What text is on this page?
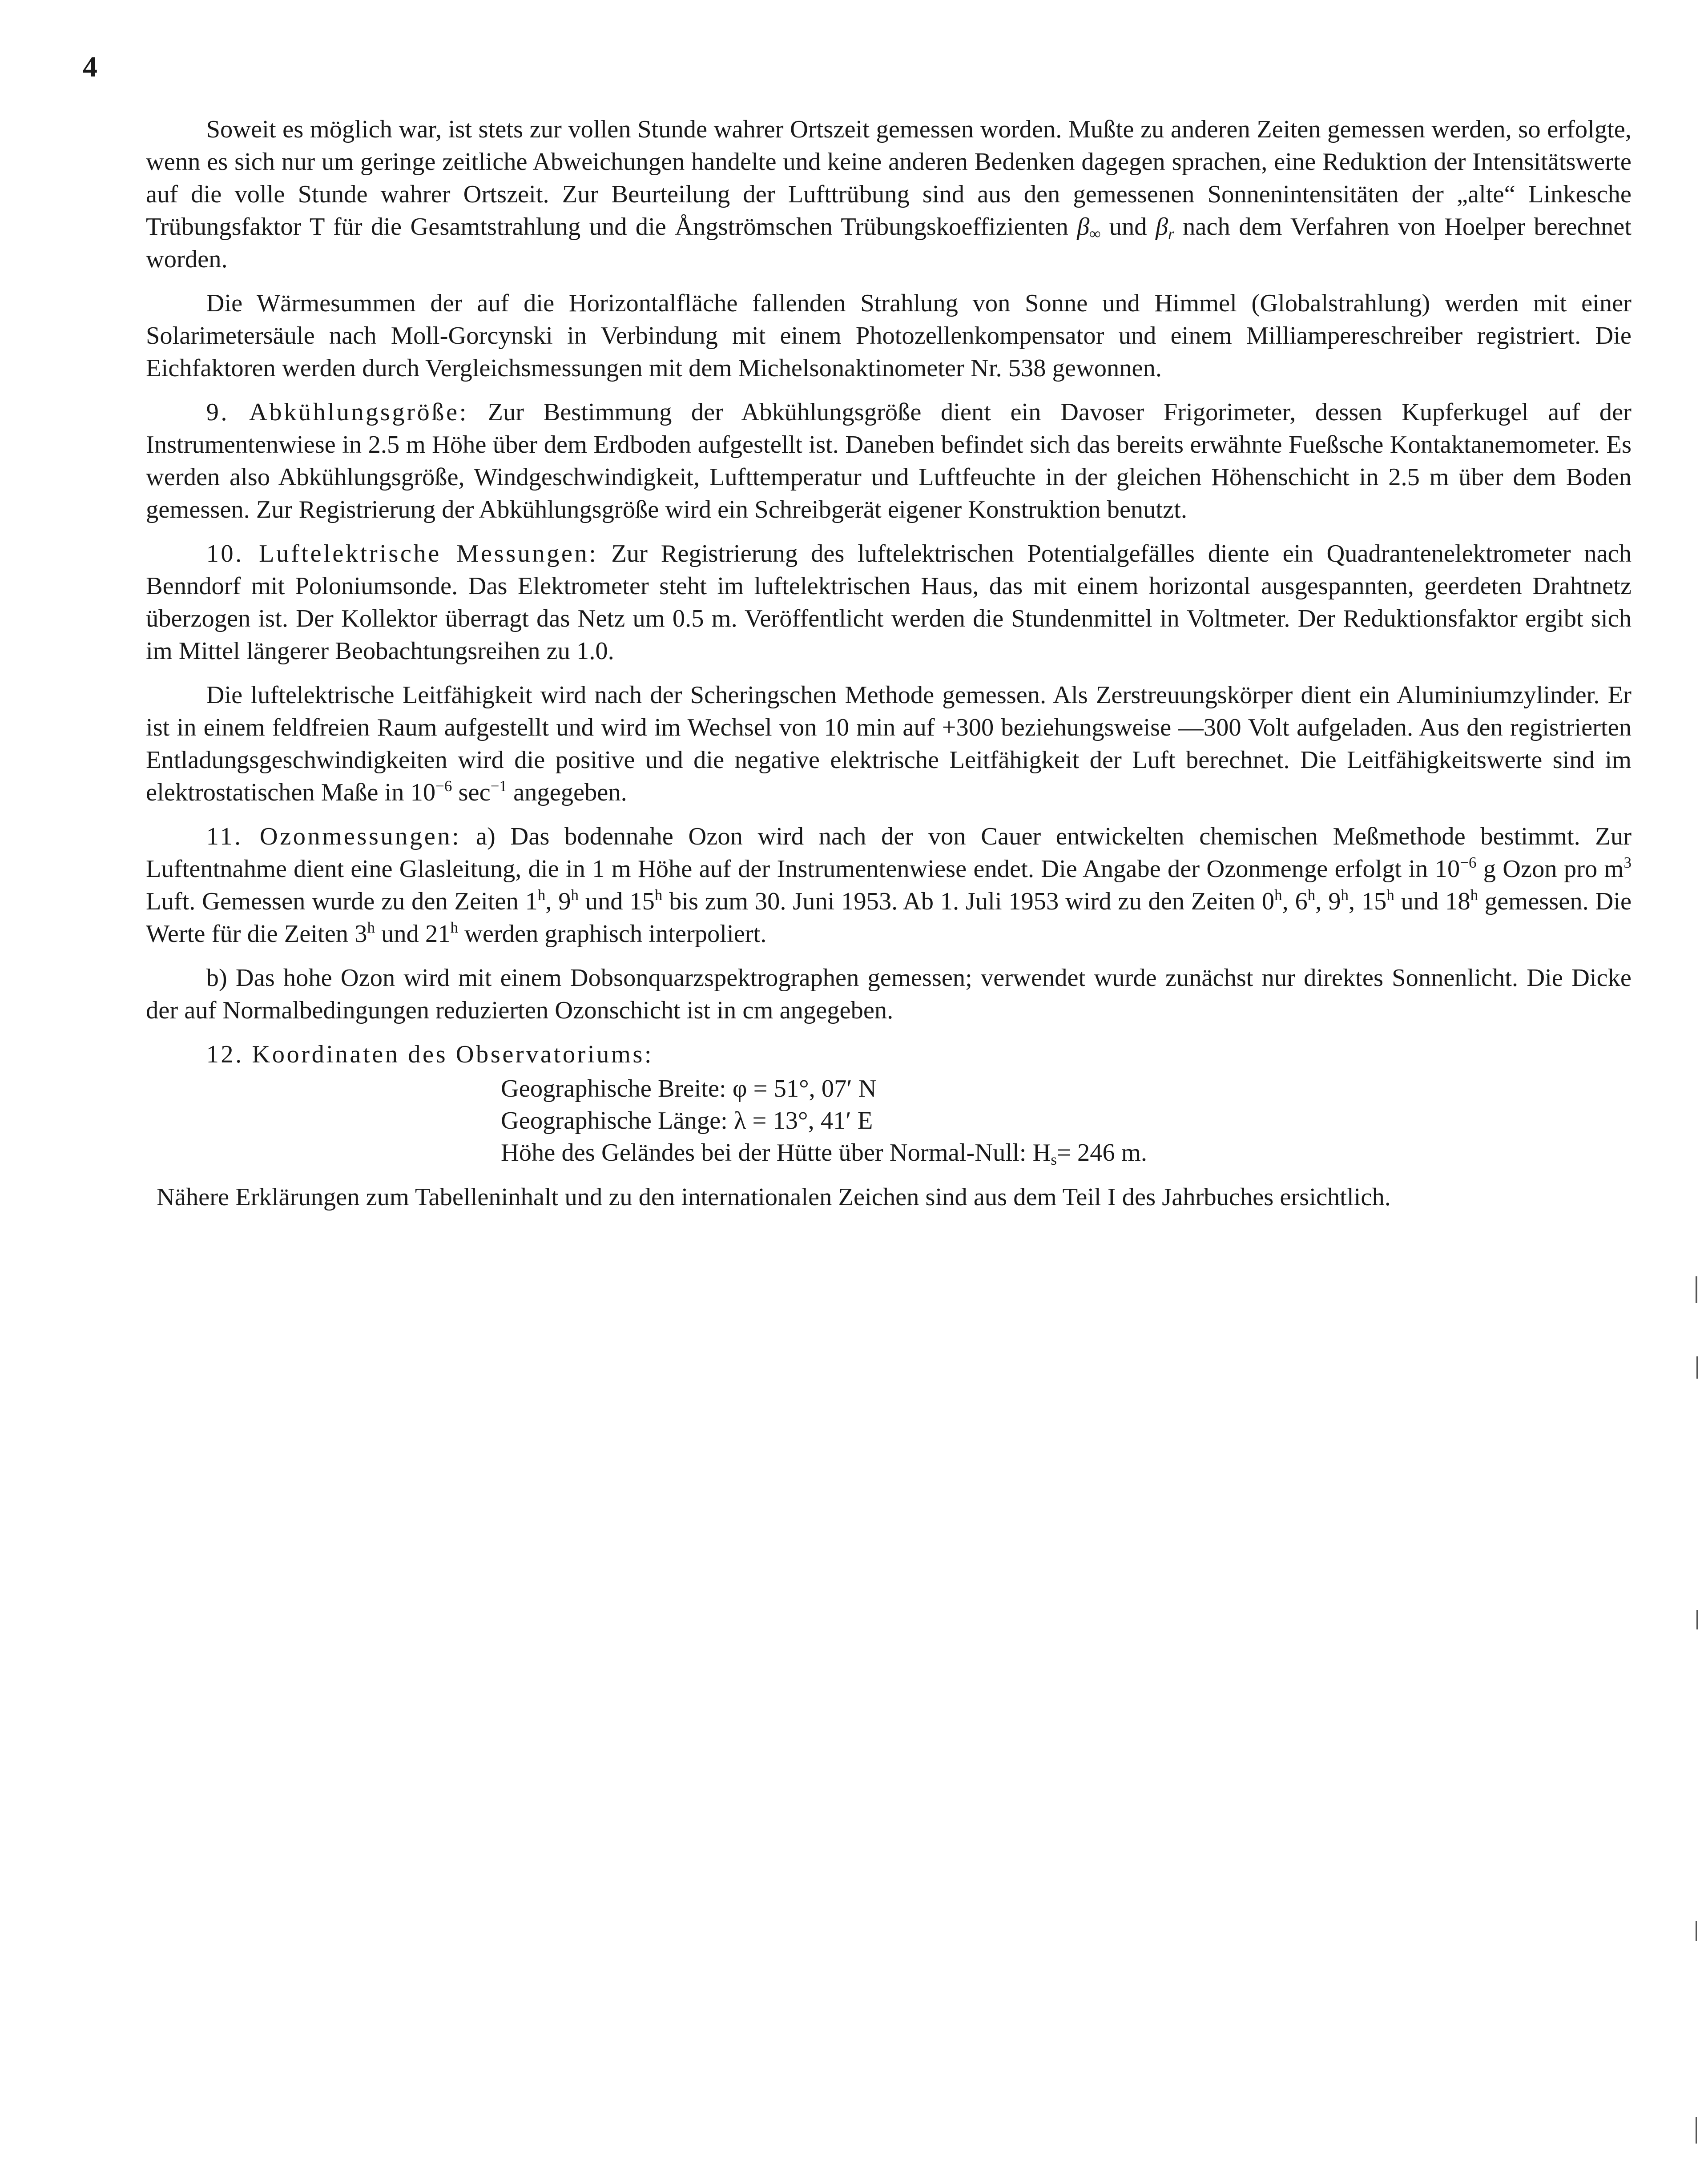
4

Soweit es möglich war, ist stets zur vollen Stunde wahrer Ortszeit gemessen worden. Mußte zu anderen Zeiten gemessen werden, so erfolgte, wenn es sich nur um geringe zeitliche Abweichungen handelte und keine anderen Bedenken dagegen sprachen, eine Reduktion der Intensitätswerte auf die volle Stunde wahrer Ortszeit. Zur Beurteilung der Lufttrübung sind aus den gemessenen Sonnenintensitäten der „alte“ Linkesche Trübungsfaktor T für die Gesamtstrahlung und die Ångströmschen Trübungskoeffizienten $\beta_\infty$ und $\beta_r$ nach dem Verfahren von Hoelper berechnet worden.

Die Wärmesummen der auf die Horizontalfläche fallenden Strahlung von Sonne und Himmel (Globalstrahlung) werden mit einer Solarimetersäule nach Moll-Gorcynski in Verbindung mit einem Photozellenkompensator und einem Milliampereschreiber registriert. Die Eichfaktoren werden durch Vergleichsmessungen mit dem Michelsonaktinometer Nr. 538 gewonnen.

9. Abkühlungsgröße: Zur Bestimmung der Abkühlungsgröße dient ein Davoser Frigorimeter, dessen Kupferkugel auf der Instrumentenwiese in 2.5 m Höhe über dem Erdboden aufgestellt ist. Daneben befindet sich das bereits erwähnte Fueßsche Kontaktanemometer. Es werden also Abkühlungsgröße, Windgeschwindigkeit, Lufttemperatur und Luftfeuchte in der gleichen Höhenschicht in 2.5 m über dem Boden gemessen. Zur Registrierung der Abkühlungsgröße wird ein Schreibgerät eigener Konstruktion benutzt.

10. Luftelektrische Messungen: Zur Registrierung des luftelektrischen Potentialgefälles diente ein Quadrantenelektrometer nach Benndorf mit Poloniumsonde. Das Elektrometer steht im luftelektrischen Haus, das mit einem horizontal ausgespannten, geerdeten Drahtnetz überzogen ist. Der Kollektor überragt das Netz um 0.5 m. Veröffentlicht werden die Stundenmittel in Voltmeter. Der Reduktionsfaktor ergibt sich im Mittel längerer Beobachtungsreihen zu 1.0.

Die luftelektrische Leitfähigkeit wird nach der Scheringschen Methode gemessen. Als Zerstreuungskörper dient ein Aluminiumzylinder. Er ist in einem feldfreien Raum aufgestellt und wird im Wechsel von 10 min auf +300 beziehungsweise —300 Volt aufgeladen. Aus den registrierten Entladungsgeschwindigkeiten wird die positive und die negative elektrische Leitfähigkeit der Luft berechnet. Die Leitfähigkeitswerte sind im elektrostatischen Maße in $10^{-6}$ $\sec^{-1}$ angegeben.

11. Ozonmessungen: a) Das bodennahe Ozon wird nach der von Cauer entwickelten chemischen Meßmethode bestimmt. Zur Luftentnahme dient eine Glasleitung, die in 1 m Höhe auf der Instrumentenwiese endet. Die Angabe der Ozonmenge erfolgt in $10^{-6}$ g Ozon pro $m^3$ Luft. Gemessen wurde zu den Zeiten 1$^h$, 9$^h$ und 15$^h$ bis zum 30. Juni 1953. Ab 1. Juli 1953 wird zu den Zeiten 0$^h$, 6$^h$, 9$^h$, 15$^h$ und 18$^h$ gemessen. Die Werte für die Zeiten 3$^h$ und 21$^h$ werden graphisch interpoliert.

b) Das hohe Ozon wird mit einem Dobsonquarzspektrographen gemessen; verwendet wurde zunächst nur direktes Sonnenlicht. Die Dicke der auf Normalbedingungen reduzierten Ozonschicht ist in cm angegeben.

12. Koordinaten des Observatoriums:

Geographische Breite: φ = 51°, 07′ N
Geographische Länge: λ = 13°, 41′ E
Höhe des Geländes bei der Hütte über Normal-Null: $H_s= 246$ m.

Nähere Erklärungen zum Tabelleninhalt und zu den internationalen Zeichen sind aus dem Teil I des Jahrbuches ersichtlich.
